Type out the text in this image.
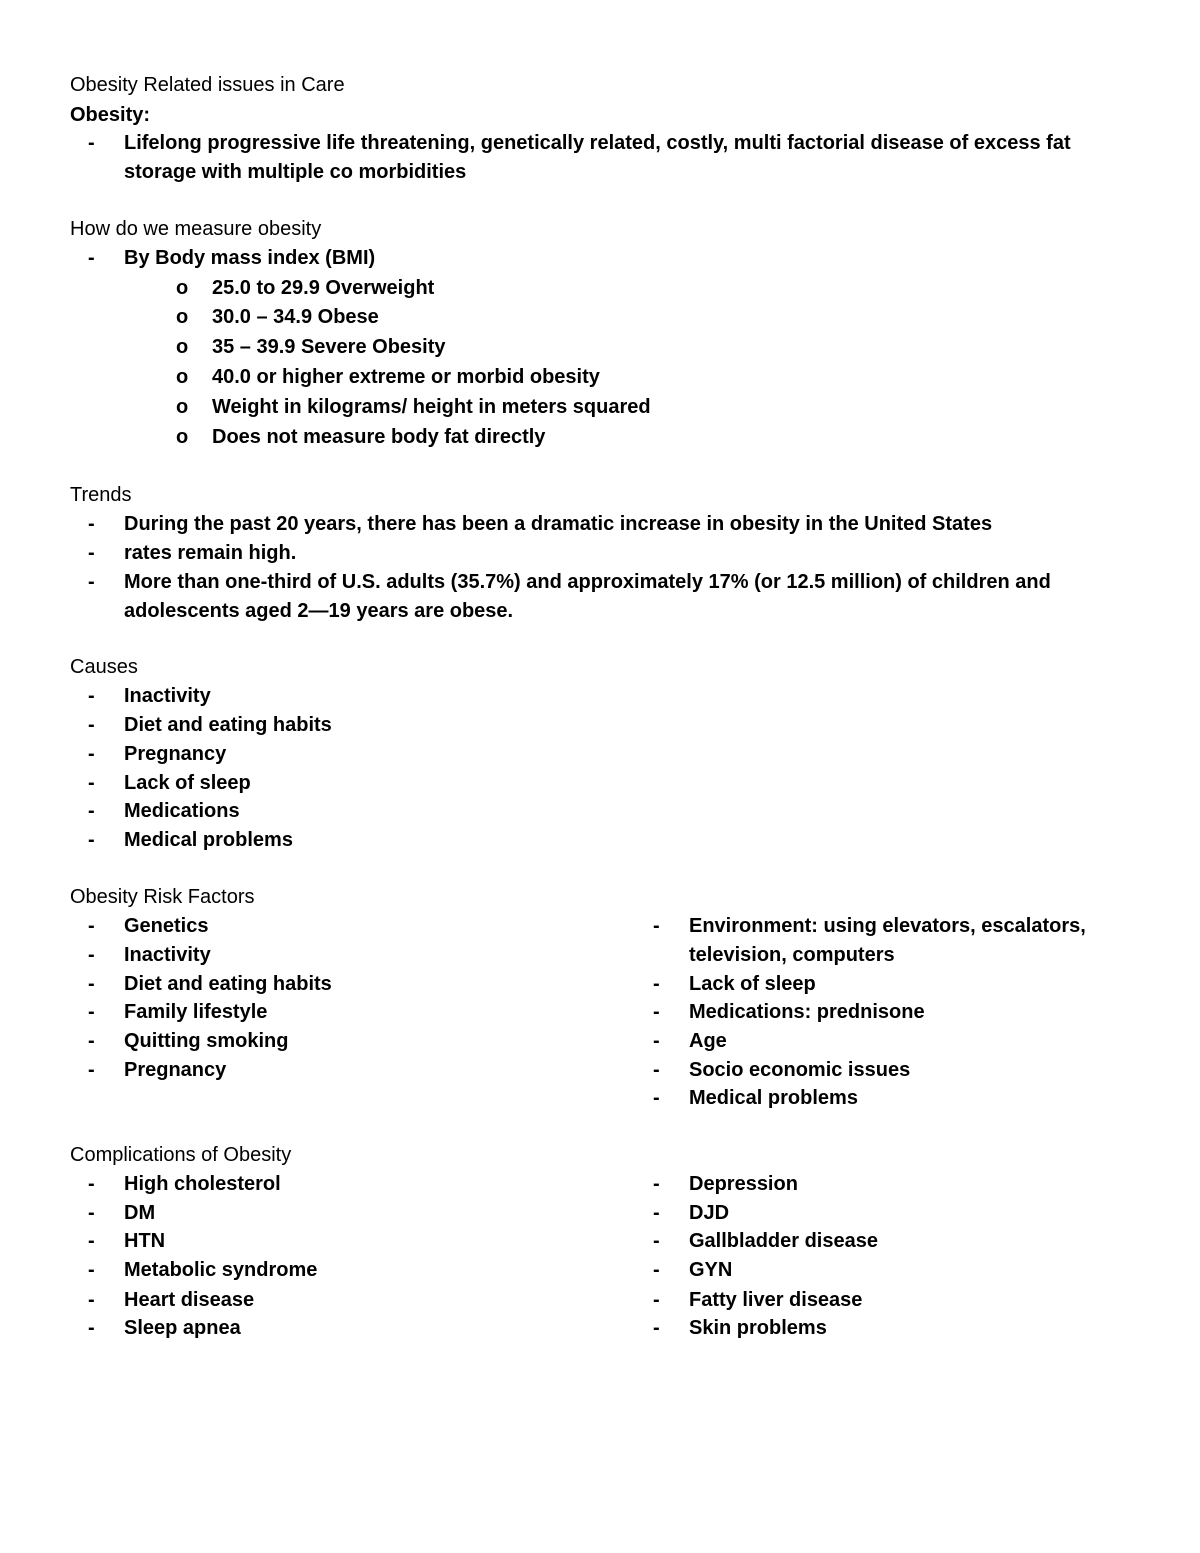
Obesity Related issues in Care
Obesity:
- Lifelong progressive life threatening, genetically related, costly, multi factorial disease of excess fat
storage with multiple co morbidities
How do we measure obesity
- By Body mass index (BMI)
o 25.0 to 29.9 Overweight
o 30.0 – 34.9 Obese
o 35 – 39.9 Severe Obesity
o 40.0 or higher extreme or morbid obesity
o Weight in kilograms/ height in meters squared
o Does not measure body fat directly
Trends
- During the past 20 years, there has been a dramatic increase in obesity in the United States
- rates remain high.
- More than one-third of U.S. adults (35.7%) and approximately 17% (or 12.5 million) of children and
adolescents aged 2—19 years are obese.
Causes
- Inactivity
- Diet and eating habits
- Pregnancy
- Lack of sleep
- Medications
- Medical problems
Obesity Risk Factors
- Genetics
- Inactivity
- Diet and eating habits
- Family lifestyle
- Quitting smoking
- Pregnancy
- Environment: using elevators, escalators,
television, computers
- Lack of sleep
- Medications: prednisone
- Age
- Socio economic issues
- Medical problems
Complications of Obesity
- High cholesterol
- DM
- HTN
- Metabolic syndrome
- Heart disease
- Sleep apnea
- Depression
- DJD
- Gallbladder disease
- GYN
- Fatty liver disease
- Skin problems
